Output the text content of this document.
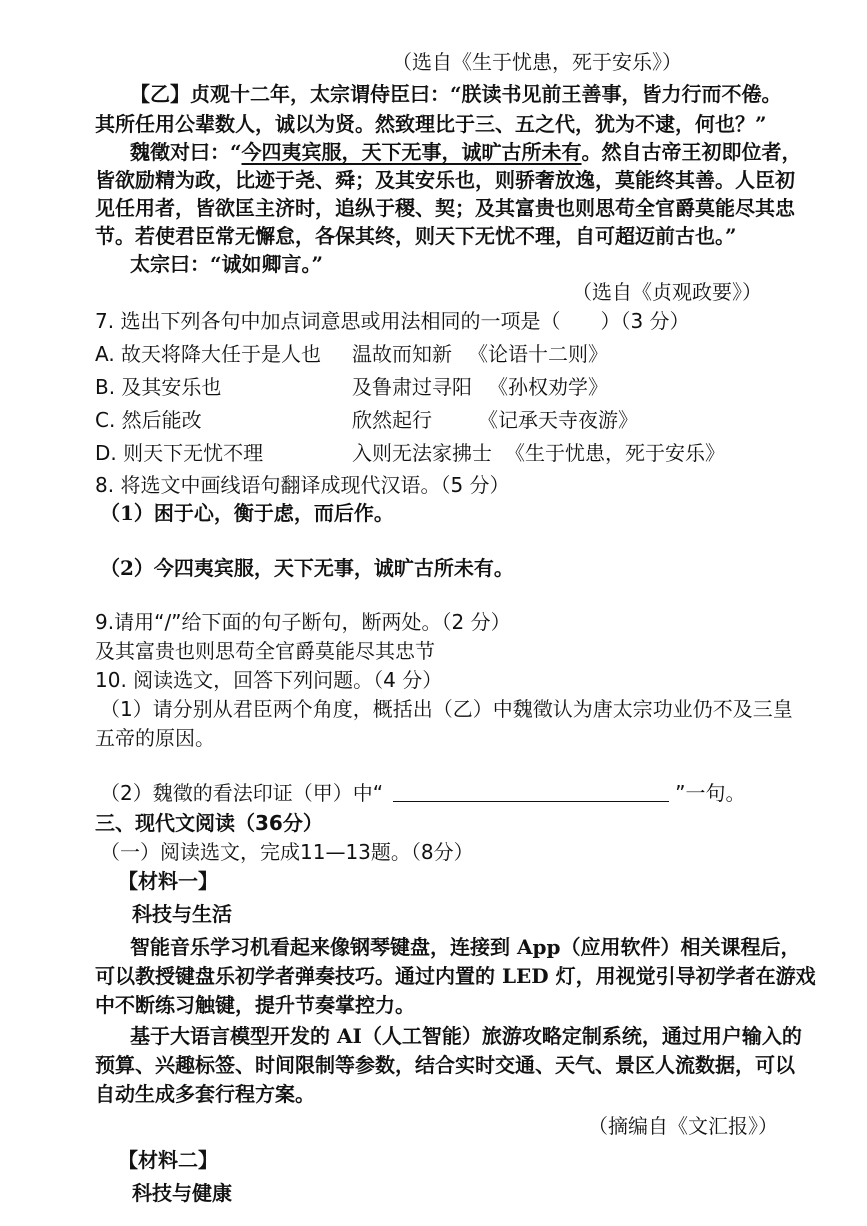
（选自《生于忧患，死于安乐》）
【乙】贞观十二年，太宗谓侍臣曰：“朕读书见前王善事，皆力行而不倦。
其所任用公辈数人，诚以为贤。然致理比于三、五之代，犹为不逮，何也？”
魏徵对曰：“今四夷宾服，天下无事，诚旷古所未有。然自古帝王初即位者，
皆欲励精为政，比迹于尧、舜；及其安乐也，则骄奢放逸，莫能终其善。人臣初
见任用者，皆欲匡主济时，追纵于稷、契；及其富贵也则思苟全官爵莫能尽其忠
节。若使君臣常无懈怠，各保其终，则天下无忧不理，自可超迈前古也。”
太宗曰：“诚如卿言。”
（选自《贞观政要》）
7. 选出下列各句中加点词意思或用法相同的一项是（　　）（3 分）
A. 故天将降大任于是人也 温故而知新 《论语十二则》
B. 及其安乐也	及鲁肃过寻阳 《孙权劝学》
C. 然后能改	欣然起行 《记承天寺夜游》
D. 则天下无忧不理	入则无法家拂士 《生于忧患，死于安乐》
8. 将选文中画线语句翻译成现代汉语。（5 分）
（1）困于心，衡于虑，而后作。
（2）今四夷宾服，天下无事，诚旷古所未有。
9.请用“/”给下面的句子断句，断两处。（2 分）
及其富贵也则思苟全官爵莫能尽其忠节
10. 阅读选文，回答下列问题。（4 分）
（1）请分别从君臣两个角度，概括出（乙）中魏徵认为唐太宗功业仍不及三皇
五帝的原因。
（2）魏徵的看法印证（甲）中“	”一句。
三、现代文阅读（36分）
（一）阅读选文，完成11—13题。（8分）
【材料一】
科技与生活
智能音乐学习机看起来像钢琴键盘，连接到 App（应用软件）相关课程后，
可以教授键盘乐初学者弹奏技巧。通过内置的 LED 灯，用视觉引导初学者在游戏
中不断练习触键，提升节奏掌控力。
基于大语言模型开发的 AI（人工智能）旅游攻略定制系统，通过用户输入的
预算、兴趣标签、时间限制等参数，结合实时交通、天气、景区人流数据，可以
自动生成多套行程方案。
（摘编自《文汇报》）
【材料二】
科技与健康
